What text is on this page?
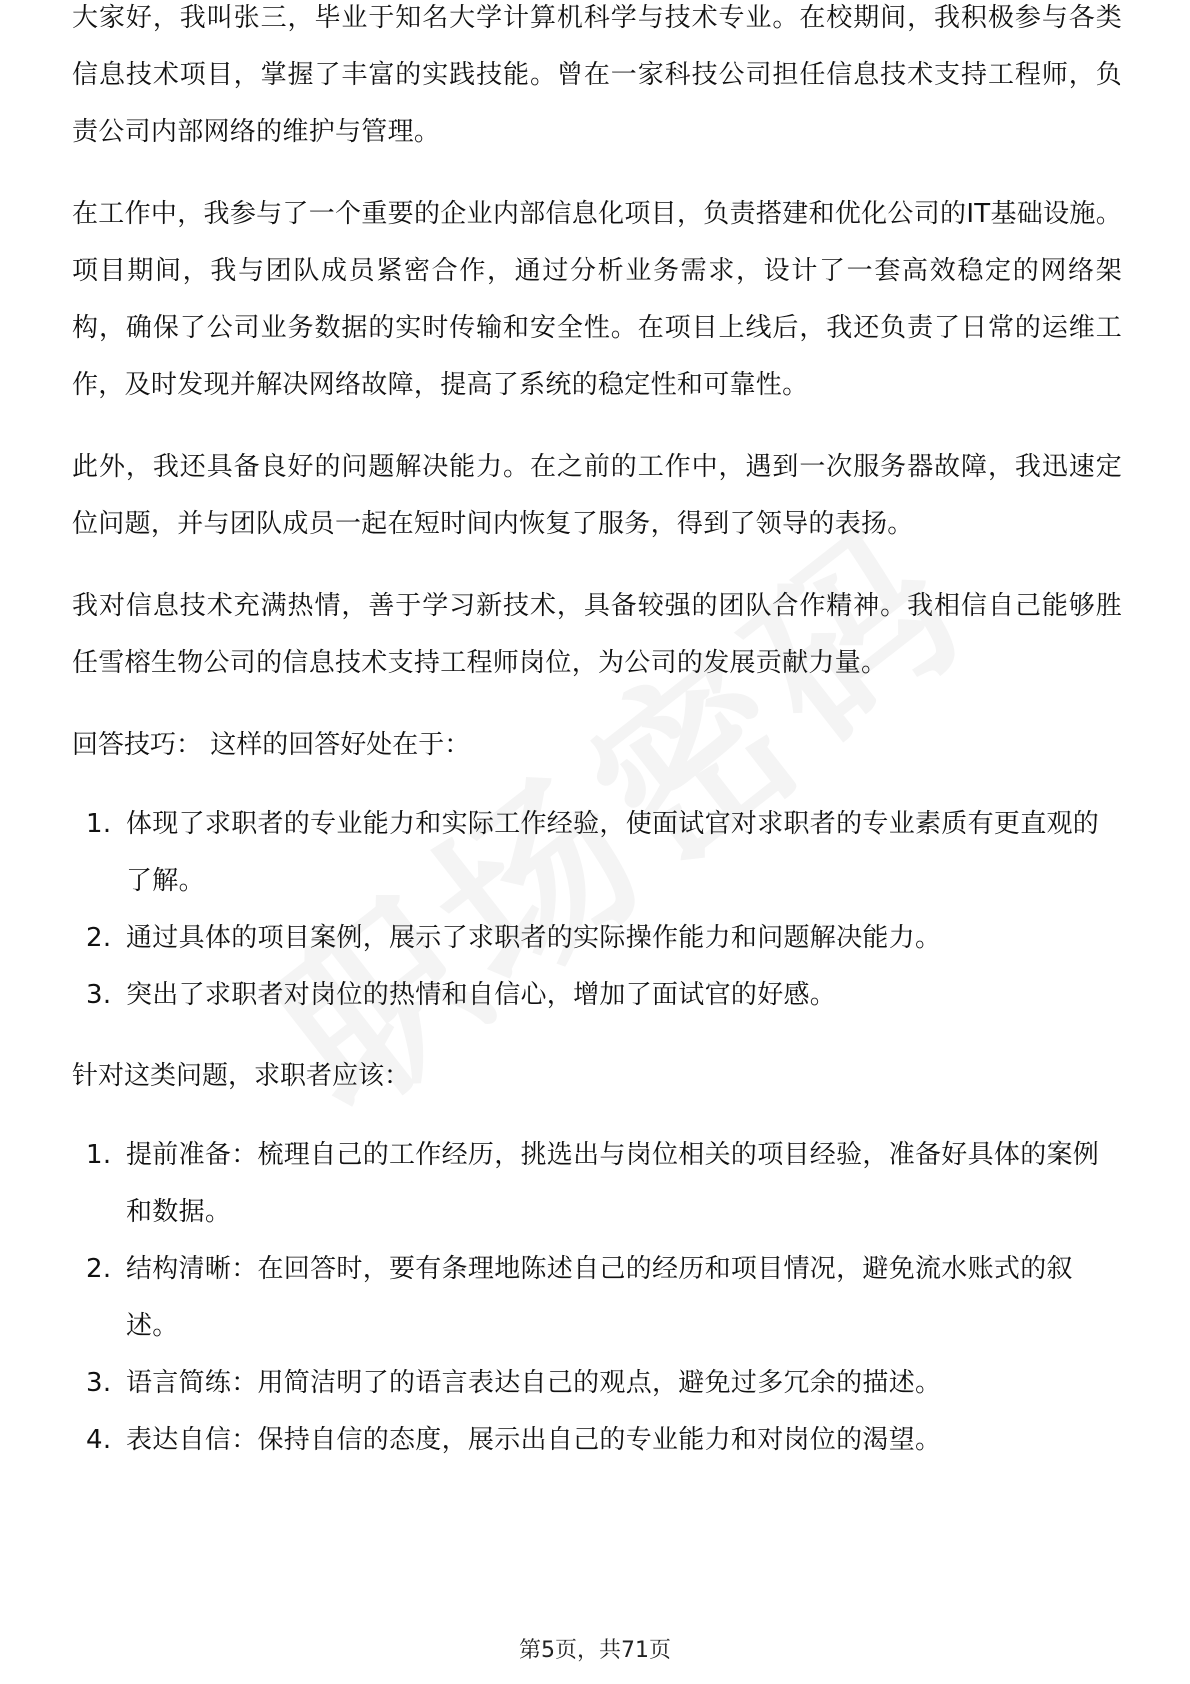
大家好，我叫张三，毕业于知名大学计算机科学与技术专业。在校期间，我积极参与各类信息技术项目，掌握了丰富的实践技能。曾在一家科技公司担任信息技术支持工程师，负责公司内部网络的维护与管理。

在工作中，我参与了一个重要的企业内部信息化项目，负责搭建和优化公司的IT基础设施。项目期间，我与团队成员紧密合作，通过分析业务需求，设计了一套高效稳定的网络架构，确保了公司业务数据的实时传输和安全性。在项目上线后，我还负责了日常的运维工作，及时发现并解决网络故障，提高了系统的稳定性和可靠性。

此外，我还具备良好的问题解决能力。在之前的工作中，遇到一次服务器故障，我迅速定位问题，并与团队成员一起在短时间内恢复了服务，得到了领导的表扬。

我对信息技术充满热情，善于学习新技术，具备较强的团队合作精神。我相信自己能够胜任雪榕生物公司的信息技术支持工程师岗位，为公司的发展贡献力量。

回答技巧： 这样的回答好处在于：
1. 体现了求职者的专业能力和实际工作经验，使面试官对求职者的专业素质有更直观的了解。
2. 通过具体的项目案例，展示了求职者的实际操作能力和问题解决能力。
3. 突出了求职者对岗位的热情和自信心，增加了面试官的好感。
针对这类问题，求职者应该：
1. 提前准备：梳理自己的工作经历，挑选出与岗位相关的项目经验，准备好具体的案例和数据。
2. 结构清晰：在回答时，要有条理地陈述自己的经历和项目情况，避免流水账式的叙述。
3. 语言简练：用简洁明了的语言表达自己的观点，避免过多冗余的描述。
4. 表达自信：保持自信的态度，展示出自己的专业能力和对岗位的渴望。
第5页，共71页
